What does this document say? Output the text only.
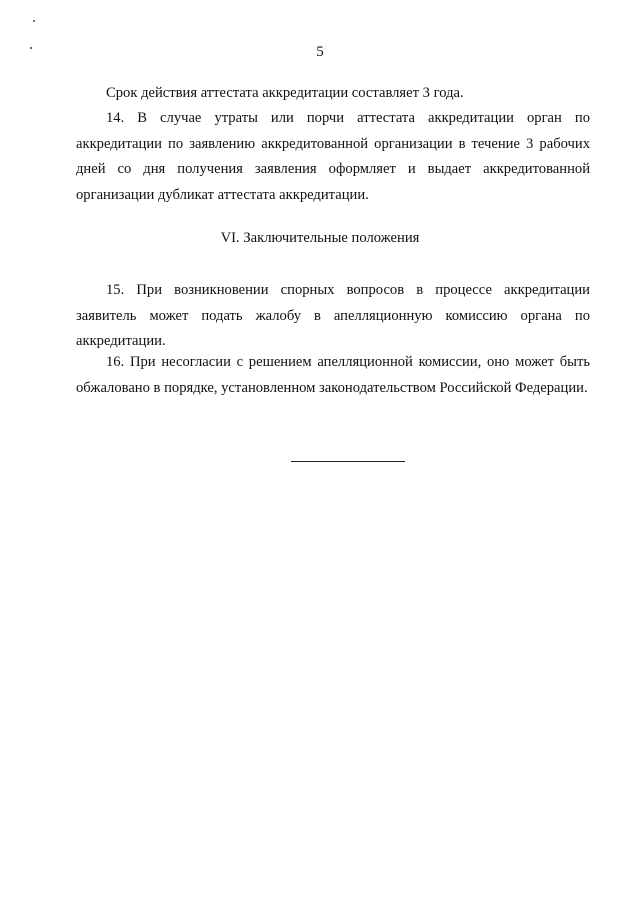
5

Срок действия аттестата аккредитации составляет 3 года.

14. В случае утраты или порчи аттестата аккредитации орган по аккредитации по заявлению аккредитованной организации в течение 3 рабочих дней со дня получения заявления оформляет и выдает аккредитованной организации дубликат аттестата аккредитации.

VI. Заключительные положения

15. При возникновении спорных вопросов в процессе аккредитации заявитель может подать жалобу в апелляционную комиссию органа по аккредитации.

16. При несогласии с решением апелляционной комиссии, оно может быть обжаловано в порядке, установленном законодательством Российской Федерации.
